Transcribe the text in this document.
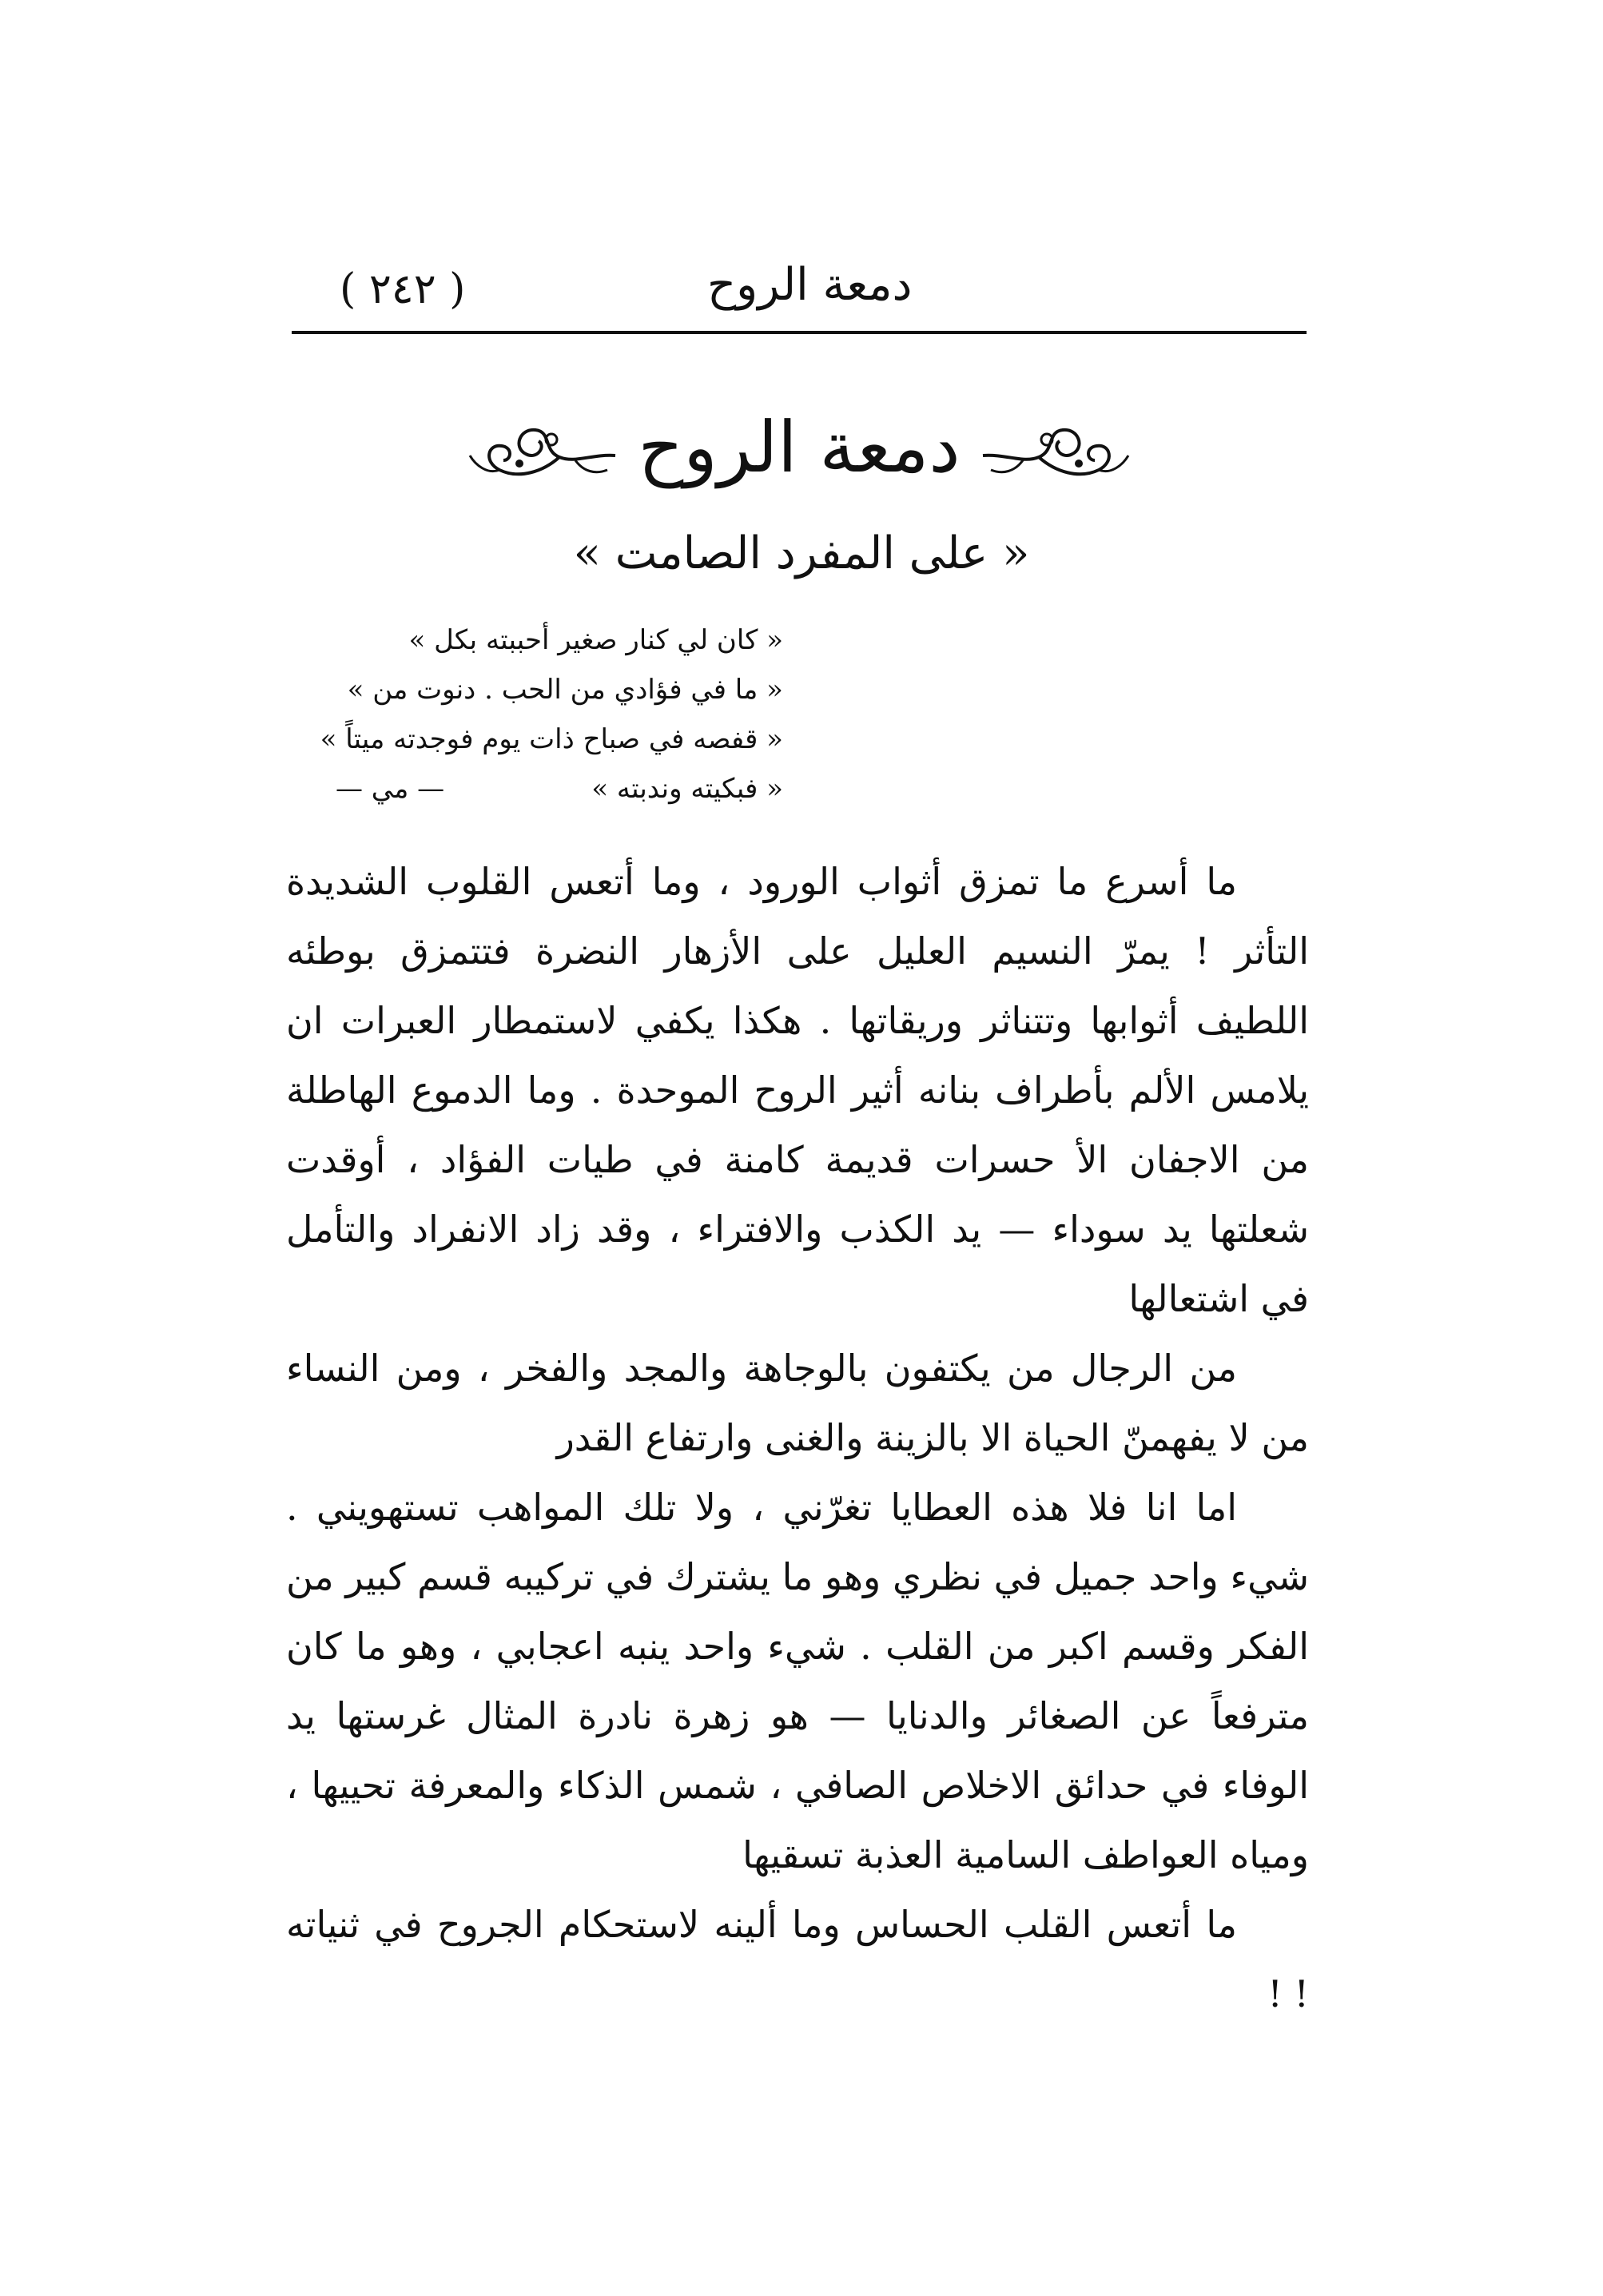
( ٢٤٢ )	دمعة الروح
دمعة الروح
« على المفرد الصامت »
« كان لي كنار صغير أحببته بكل »
« ما في فؤادي من الحب . دنوت من »
« قفصه في صباح ذات يوم فوجدته ميتاً »
« فبكيته وندبته »
— مي —

ما أسرع ما تمزق أثواب الورود ، وما أتعس القلوب الشديدة التأثر ! يمرّ النسيم العليل على الأزهار النضرة فتتمزق بوطئه اللطيف أثوابها وتتناثر وريقاتها . هكذا يكفي لاستمطار العبرات ان يلامس الألم بأطراف بنانه أثير الروح الموحدة . وما الدموع الهاطلة من الاجفان الأ حسرات قديمة كامنة في طيات الفؤاد ، أوقدت شعلتها يد سوداء — يد الكذب والافتراء ، وقد زاد الانفراد والتأمل في اشتعالها

من الرجال من يكتفون بالوجاهة والمجد والفخر ، ومن النساء من لا يفهمنّ الحياة الا بالزينة والغنى وارتفاع القدر

اما انا فلا هذه العطايا تغرّني ، ولا تلك المواهب تستهويني . شيء واحد جميل في نظري وهو ما يشترك في تركيبه قسم كبير من الفكر وقسم اكبر من القلب . شيء واحد ينبه اعجابي ، وهو ما كان مترفعاً عن الصغائر والدنايا — هو زهرة نادرة المثال غرستها يد الوفاء في حدائق الاخلاص الصافي ، شمس الذكاء والمعرفة تحييها ، ومياه العواطف السامية العذبة تسقيها

ما أتعس القلب الحساس وما ألينه لاستحكام الجروح في ثنياته ! !
